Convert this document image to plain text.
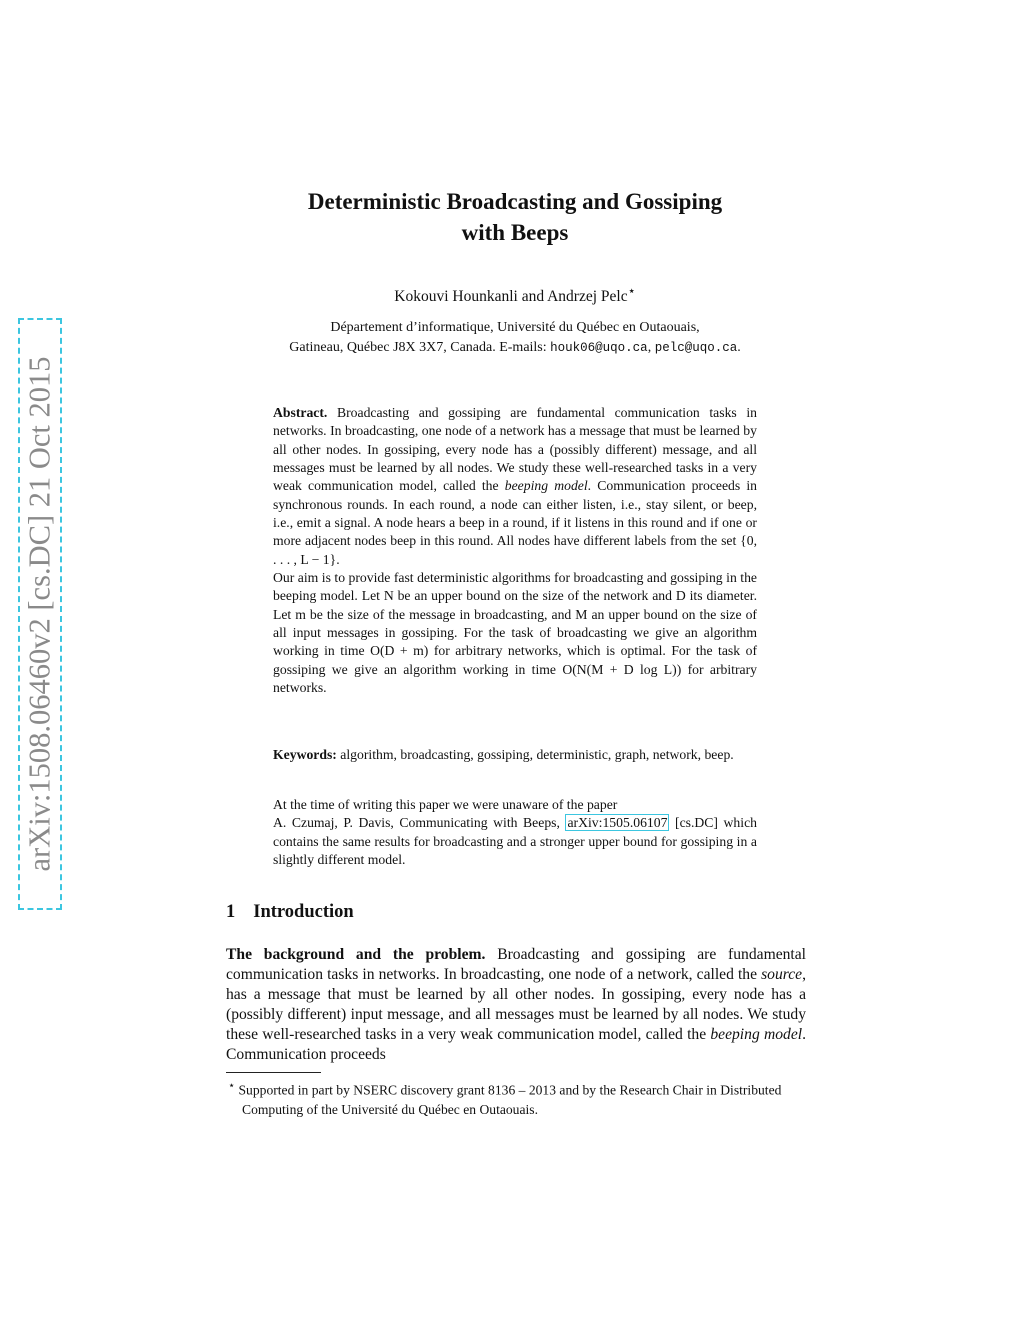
arXiv:1508.06460v2 [cs.DC] 21 Oct 2015
Deterministic Broadcasting and Gossiping
with Beeps
Kokouvi Hounkanli and Andrzej Pelc⋆
Département d’informatique, Université du Québec en Outaouais,
Gatineau, Québec J8X 3X7, Canada. E-mails: houk06@uqo.ca, pelc@uqo.ca.

Abstract. Broadcasting and gossiping are fundamental communication tasks in networks. In broadcasting, one node of a network has a message that must be learned by all other nodes. In gossiping, every node has a (possibly different) message, and all messages must be learned by all nodes. We study these well-researched tasks in a very weak communication model, called the beeping model. Communication proceeds in synchronous rounds. In each round, a node can either listen, i.e., stay silent, or beep, i.e., emit a signal. A node hears a beep in a round, if it listens in this round and if one or more adjacent nodes beep in this round. All nodes have different labels from the set {0, . . . , L − 1}.

Our aim is to provide fast deterministic algorithms for broadcasting and gossiping in the beeping model. Let N be an upper bound on the size of the network and D its diameter. Let m be the size of the message in broadcasting, and M an upper bound on the size of all input messages in gossiping. For the task of broadcasting we give an algorithm working in time O(D + m) for arbitrary networks, which is optimal. For the task of gossiping we give an algorithm working in time O(N(M + D log L)) for arbitrary networks.

Keywords: algorithm, broadcasting, gossiping, deterministic, graph, network, beep.

At the time of writing this paper we were unaware of the paper

A. Czumaj, P. Davis, Communicating with Beeps, arXiv:1505.06107 [cs.DC] which contains the same results for broadcasting and a stronger upper bound for gossiping in a slightly different model.

1 Introduction

The background and the problem. Broadcasting and gossiping are fundamental communication tasks in networks. In broadcasting, one node of a network, called the source, has a message that must be learned by all other nodes. In gossiping, every node has a (possibly different) input message, and all messages must be learned by all nodes. We study these well-researched tasks in a very weak communication model, called the beeping model. Communication proceeds

⋆ Supported in part by NSERC discovery grant 8136 – 2013 and by the Research Chair in Distributed Computing of the Université du Québec en Outaouais.
